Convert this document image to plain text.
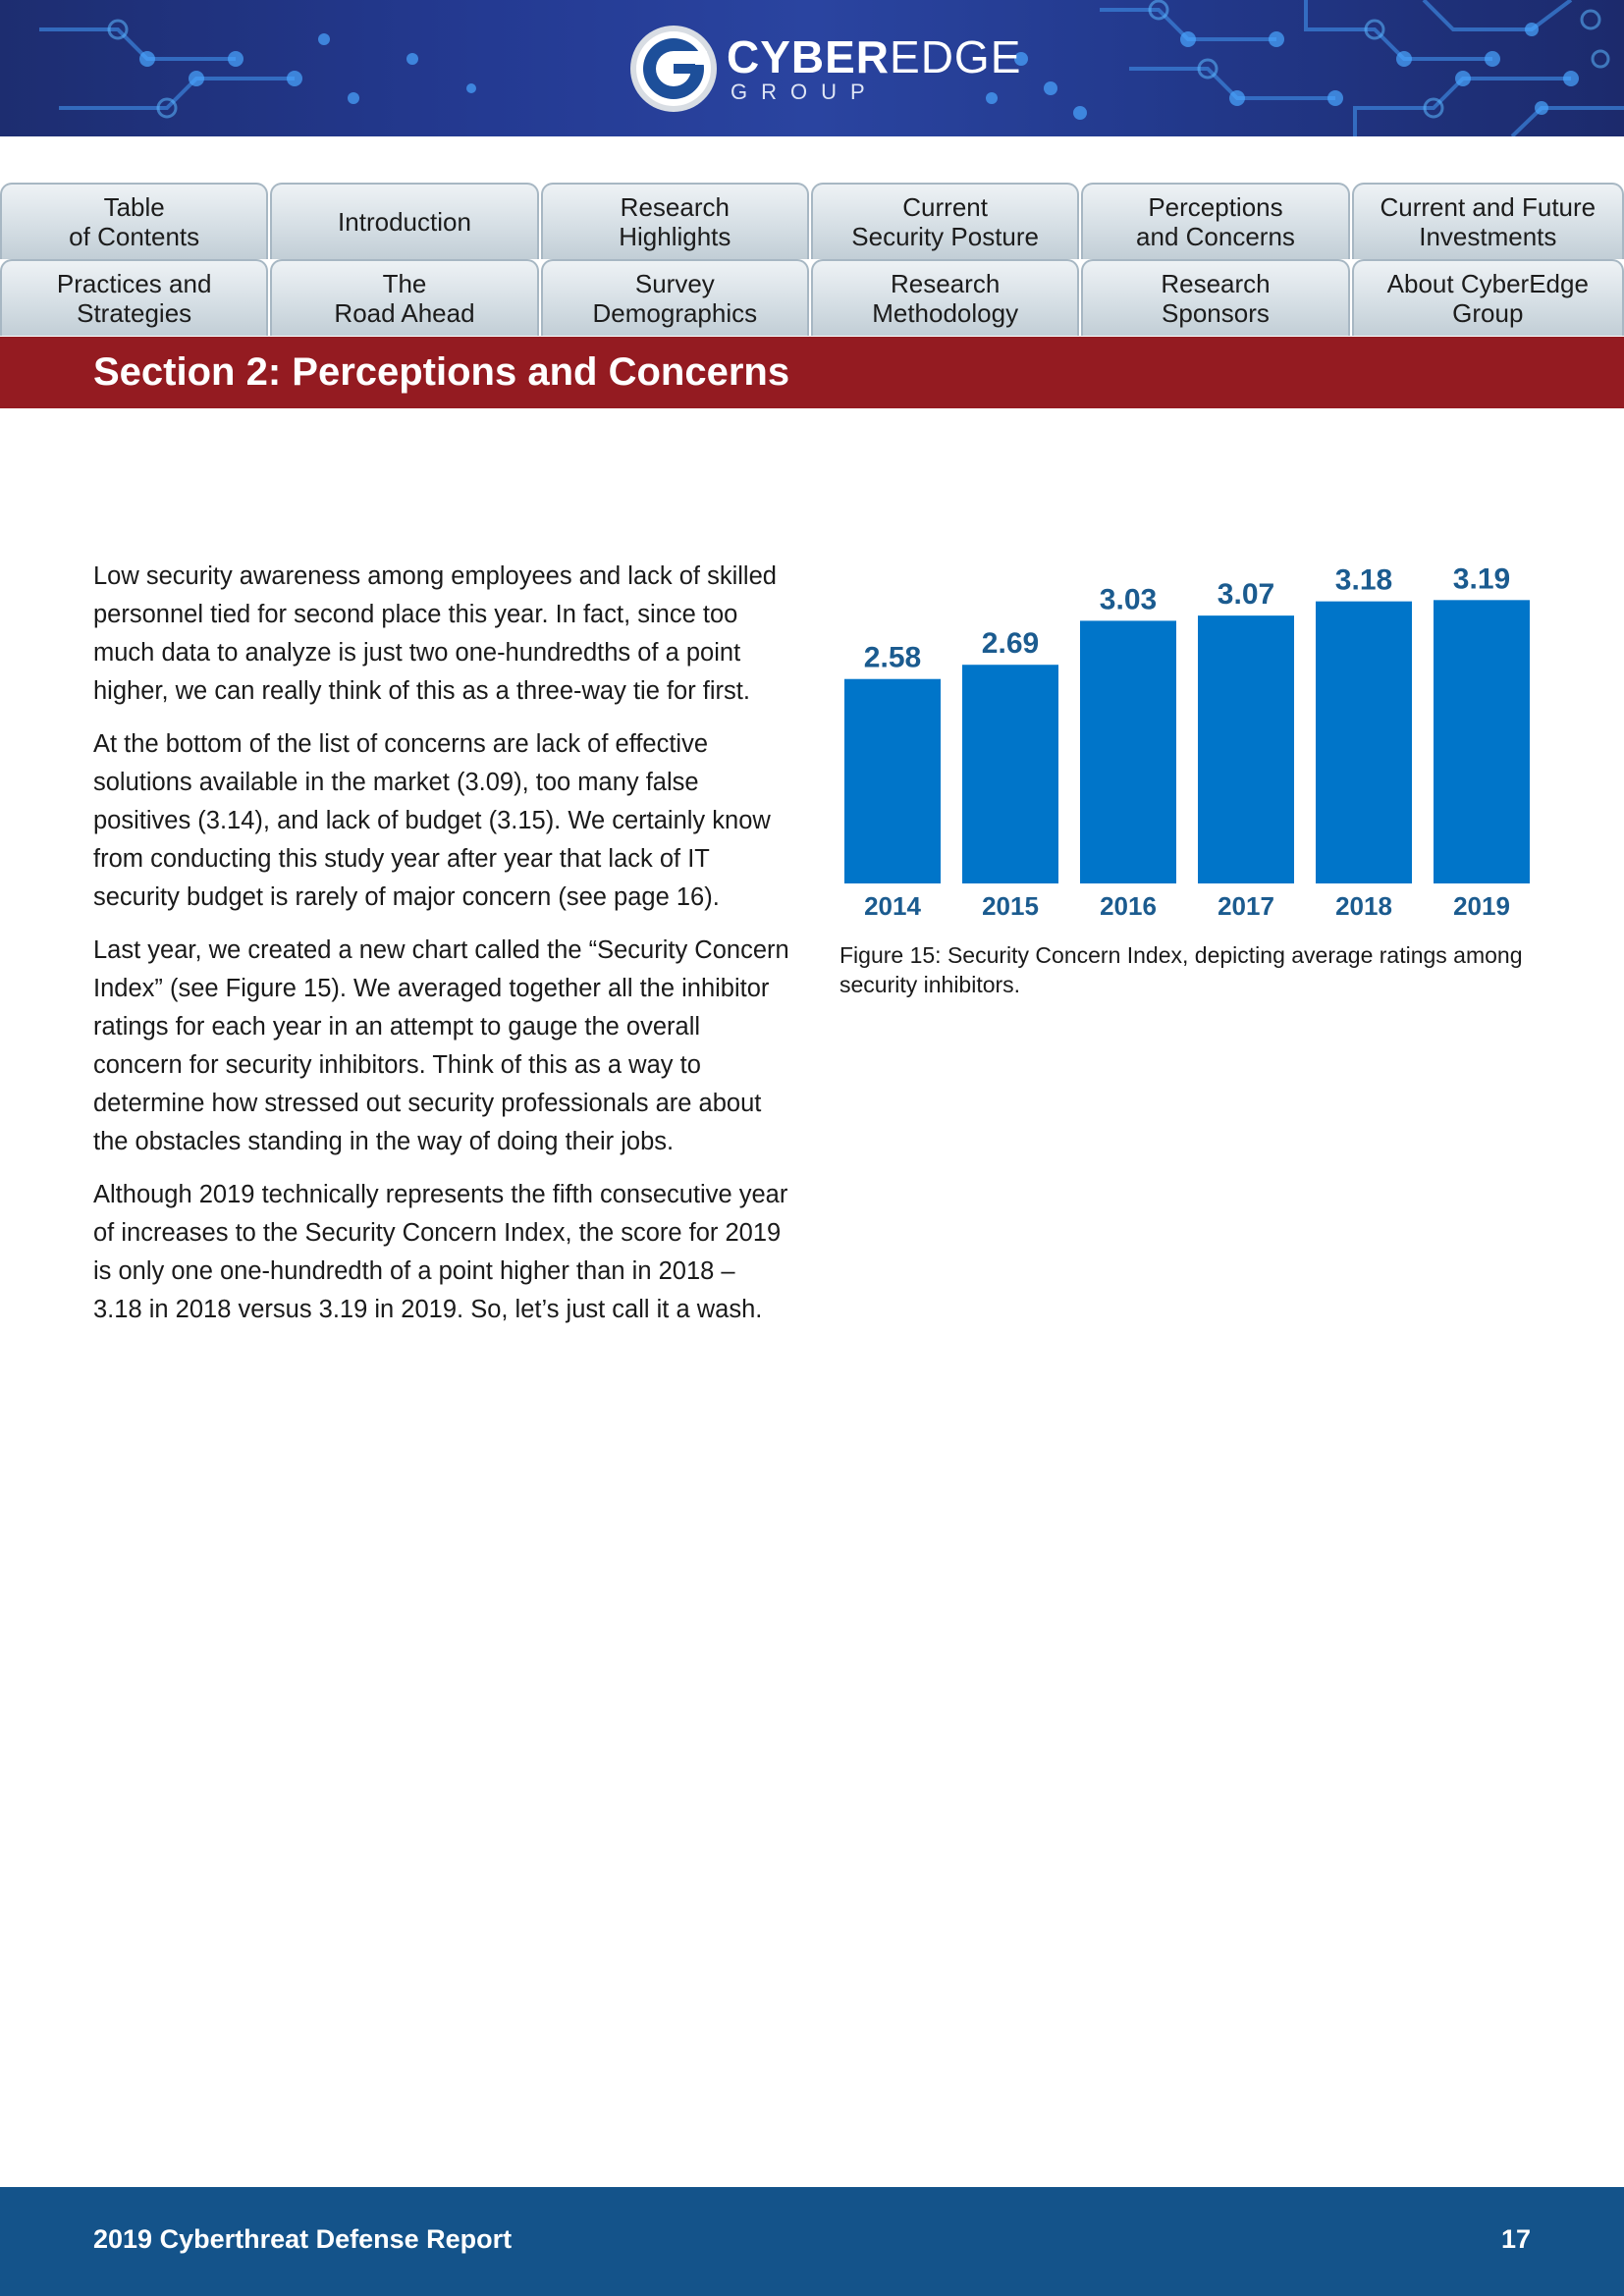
CYBEREDGE
GROUP
Table
of Contents	Introduction	Research
Highlights
Current
Security Posture
Perceptions
and Concerns
Current and Future
Investments
Practices and
Strategies
The
Road Ahead
Survey
Demographics
Research
Methodology
Research
Sponsors
About CyberEdge
Group
Section 2: Perceptions and Concerns

Low security awareness among employees and lack of skilled personnel tied for second place this year. In fact, since too much data to analyze is just two one-hundredths of a point higher, we can really think of this as a three-way tie for first.

At the bottom of the list of concerns are lack of effective solutions available in the market (3.09), too many false positives (3.14), and lack of budget (3.15). We certainly know from conducting this study year after year that lack of IT security budget is rarely of major concern (see page 16).

Last year, we created a new chart called the “Security Concern Index” (see Figure 15). We averaged together all the inhibitor ratings for each year in an attempt to gauge the overall concern for security inhibitors. Think of this as a way to determine how stressed out security professionals are about the obstacles standing in the way of doing their jobs.

Although 2019 technically represents the fifth consecutive year of increases to the Security Concern Index, the score for 2019 is only one one-hundredth of a point higher than in 2018 – 3.18 in 2018 versus 3.19 in 2019. So, let’s just call it a wash.

2.58
2014
2.69
2015
3.03
2016
3.07
2017
3.18
2018
3.19
2019

Figure 15: Security Concern Index, depicting average ratings among security inhibitors.

2019 Cyberthreat Defense Report	17
